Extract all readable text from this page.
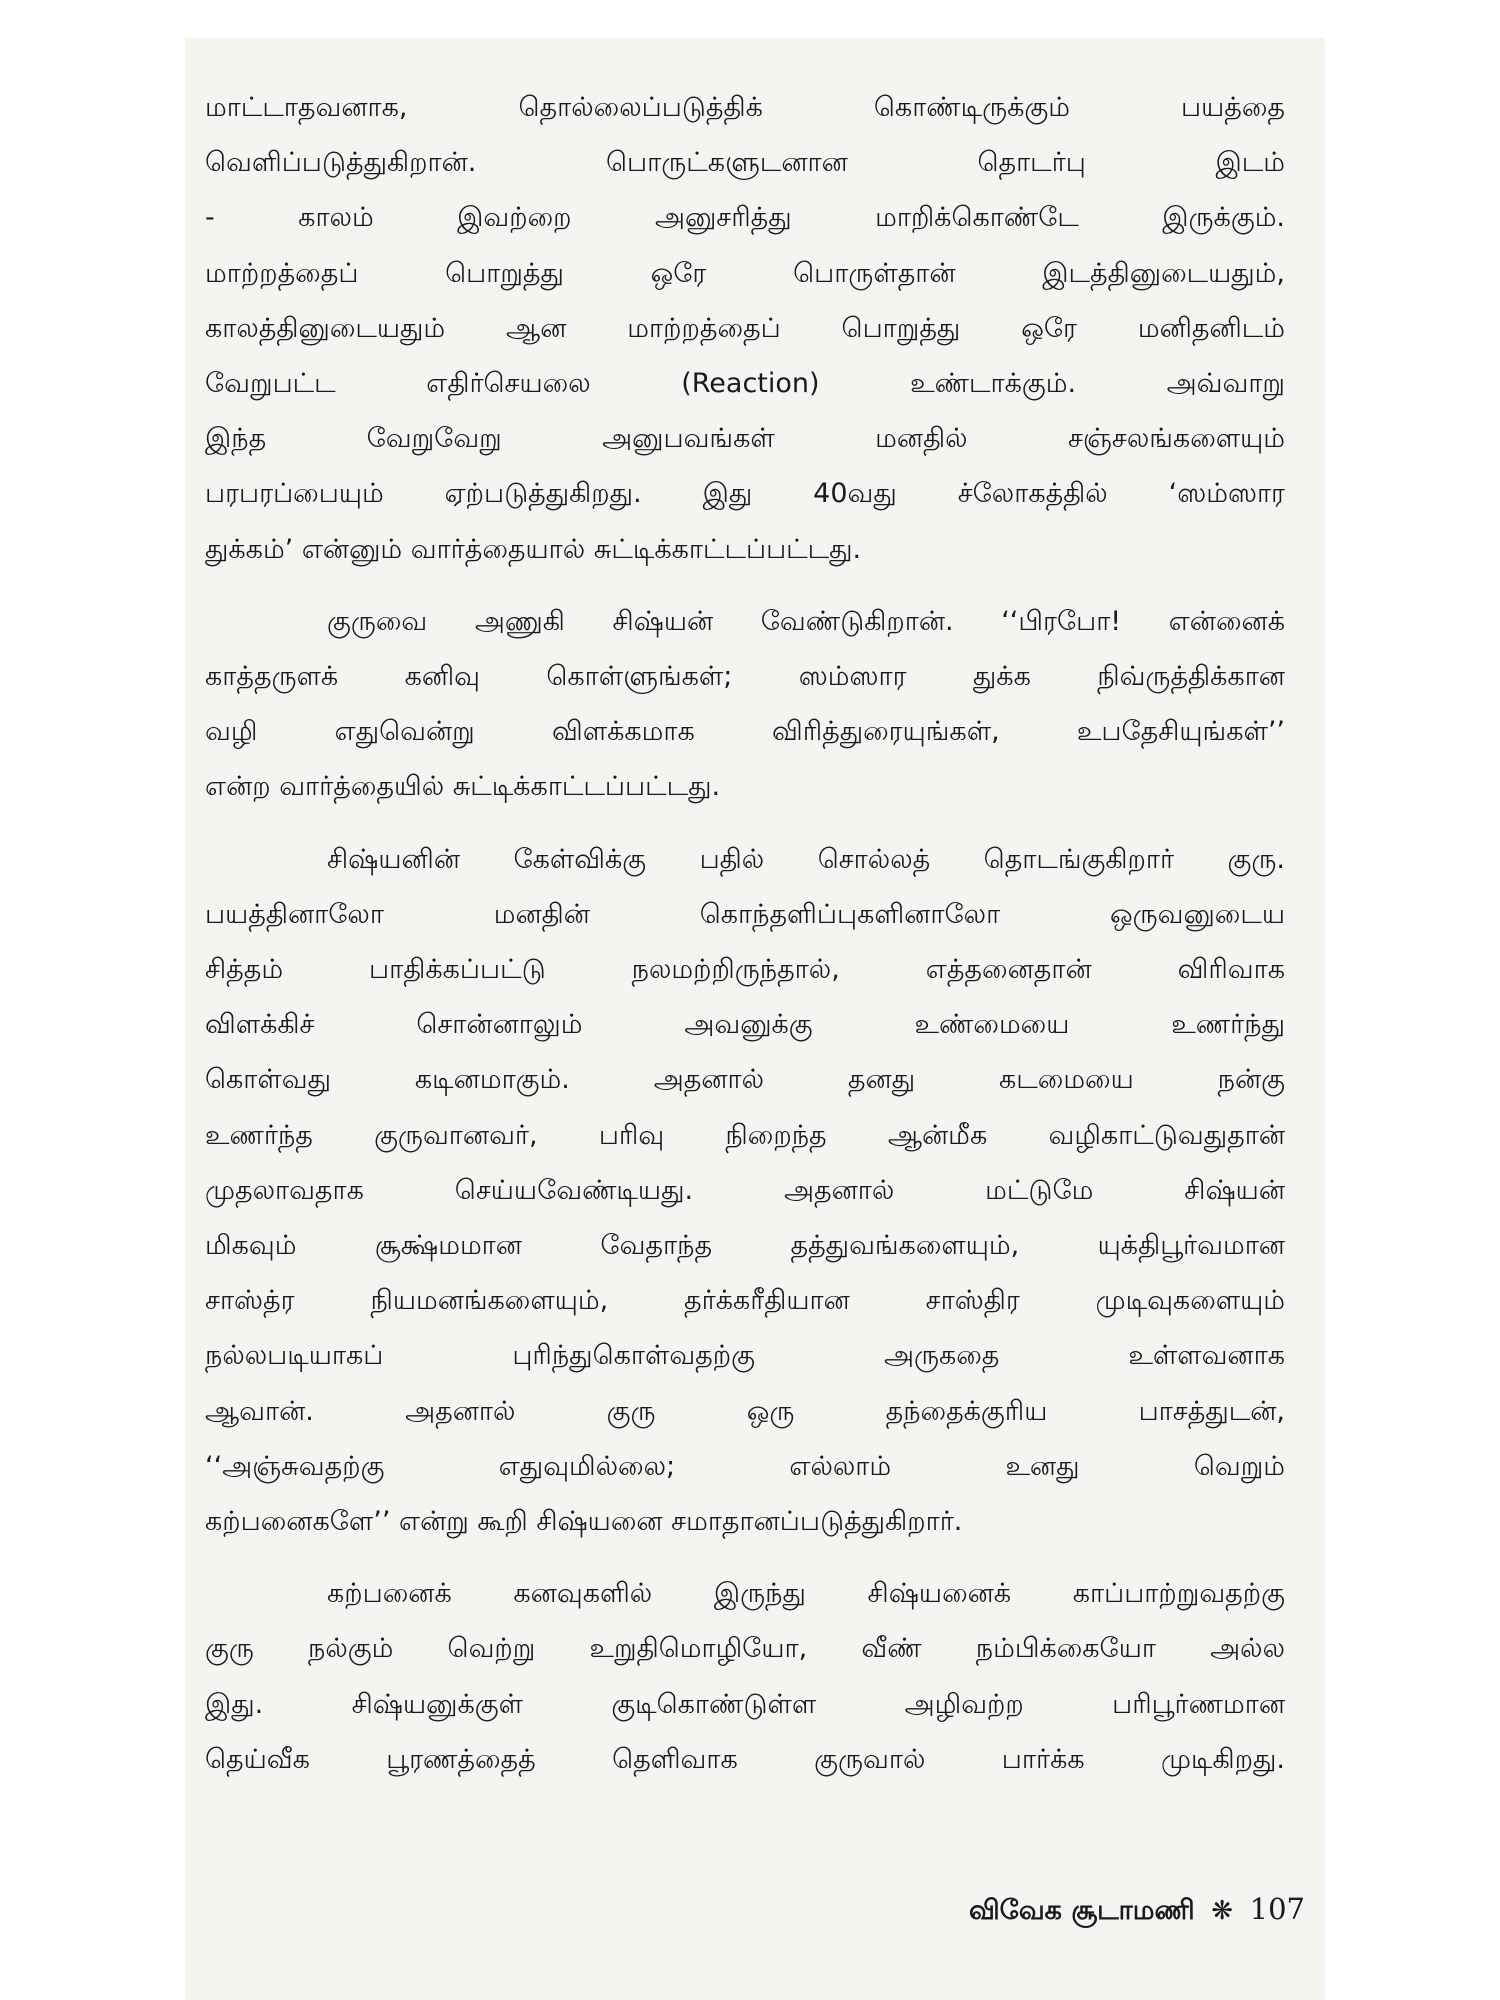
மாட்டாதவனாக, தொல்லைப்படுத்திக் கொண்டிருக்கும் பயத்தை
வெளிப்படுத்துகிறான். பொருட்களுடனான தொடர்பு இடம்
- காலம் இவற்றை அனுசரித்து மாறிக்கொண்டே இருக்கும்.
மாற்றத்தைப் பொறுத்து ஒரே பொருள்தான் இடத்தினுடையதும்,
காலத்தினுடையதும் ஆன மாற்றத்தைப் பொறுத்து ஒரே மனிதனிடம்
வேறுபட்ட எதிர்செயலை (Reaction) உண்டாக்கும். அவ்வாறு
இந்த வேறுவேறு அனுபவங்கள் மனதில் சஞ்சலங்களையும்
பரபரப்பையும் ஏற்படுத்துகிறது. இது 40வது ச்லோகத்தில் ‘ஸம்ஸார
துக்கம்’ என்னும் வார்த்தையால் சுட்டிக்காட்டப்பட்டது.
குருவை அணுகி சிஷ்யன் வேண்டுகிறான். ‘‘பிரபோ! என்னைக்
காத்தருளக் கனிவு கொள்ளுங்கள்; ஸம்ஸார துக்க நிவ்ருத்திக்கான
வழி எதுவென்று விளக்கமாக விரித்துரையுங்கள், உபதேசியுங்கள்’’
என்ற வார்த்தையில் சுட்டிக்காட்டப்பட்டது.
சிஷ்யனின் கேள்விக்கு பதில் சொல்லத் தொடங்குகிறார் குரு.
பயத்தினாலோ மனதின் கொந்தளிப்புகளினாலோ ஒருவனுடைய
சித்தம் பாதிக்கப்பட்டு நலமற்றிருந்தால், எத்தனைதான் விரிவாக
விளக்கிச் சொன்னாலும் அவனுக்கு உண்மையை உணர்ந்து
கொள்வது கடினமாகும். அதனால் தனது கடமையை நன்கு
உணர்ந்த குருவானவர், பரிவு நிறைந்த ஆன்மீக வழிகாட்டுவதுதான்
முதலாவதாக செய்யவேண்டியது. அதனால் மட்டுமே சிஷ்யன்
மிகவும் சூக்ஷ்மமான வேதாந்த தத்துவங்களையும், யுக்திபூர்வமான
சாஸ்த்ர நியமனங்களையும், தர்க்கரீதியான சாஸ்திர முடிவுகளையும்
நல்லபடியாகப் புரிந்துகொள்வதற்கு அருகதை உள்ளவனாக
ஆவான். அதனால் குரு ஒரு தந்தைக்குரிய பாசத்துடன்,
‘‘அஞ்சுவதற்கு எதுவுமில்லை; எல்லாம் உனது வெறும்
கற்பனைகளே’’ என்று கூறி சிஷ்யனை சமாதானப்படுத்துகிறார்.
கற்பனைக் கனவுகளில் இருந்து சிஷ்யனைக் காப்பாற்றுவதற்கு
குரு நல்கும் வெற்று உறுதிமொழியோ, வீண் நம்பிக்கையோ அல்ல
இது. சிஷ்யனுக்குள் குடிகொண்டுள்ள அழிவற்ற பரிபூர்ணமான
தெய்வீக பூரணத்தைத் தெளிவாக குருவால் பார்க்க முடிகிறது.
விவேக சூடாமணி ❋ 107
